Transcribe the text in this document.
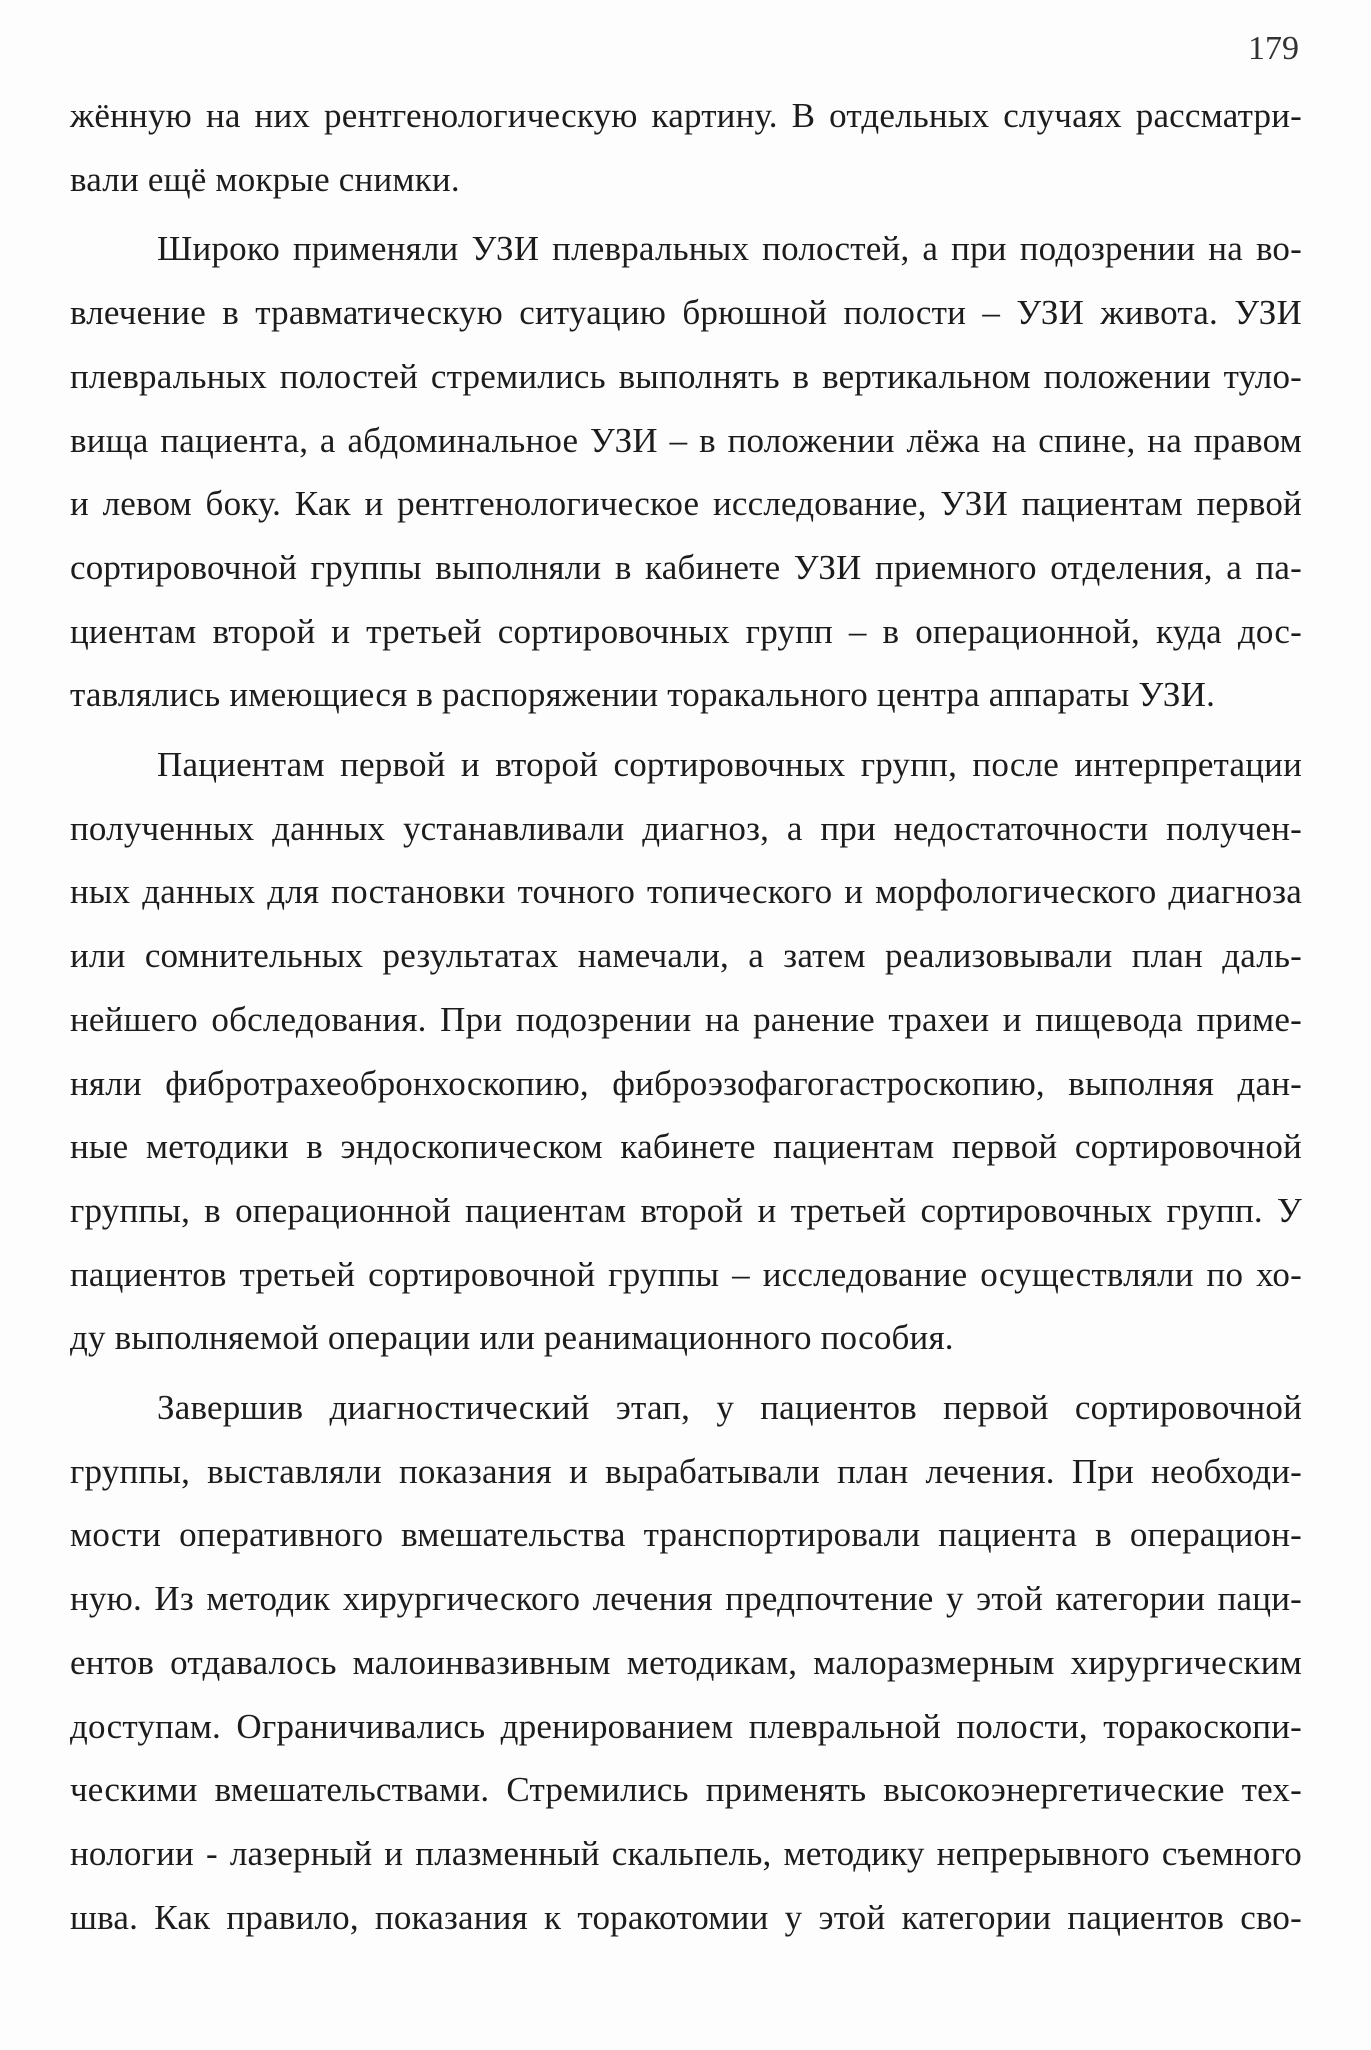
179
жённую на них рентгенологическую картину. В отдельных случаях рассматри-
вали ещё мокрые снимки.
Широко применяли УЗИ плевральных полостей, а при подозрении на во-
влечение в травматическую ситуацию брюшной полости – УЗИ живота. УЗИ
плевральных полостей стремились выполнять в вертикальном положении туло-
вища пациента, а абдоминальное УЗИ – в положении лёжа на спине, на правом
и левом боку. Как и рентгенологическое исследование, УЗИ пациентам первой
сортировочной группы выполняли в кабинете УЗИ приемного отделения, а па-
циентам второй и третьей сортировочных групп – в операционной, куда дос-
тавлялись имеющиеся в распоряжении торакального центра аппараты УЗИ.
Пациентам первой и второй сортировочных групп, после интерпретации
полученных данных устанавливали диагноз, а при недостаточности получен-
ных данных для постановки точного топического и морфологического диагноза
или сомнительных результатах намечали, а затем реализовывали план даль-
нейшего обследования. При подозрении на ранение трахеи и пищевода приме-
няли фибротрахеобронхоскопию, фиброэзофагогастроскопию, выполняя дан-
ные методики в эндоскопическом кабинете пациентам первой сортировочной
группы, в операционной пациентам второй и третьей сортировочных групп. У
пациентов третьей сортировочной группы – исследование осуществляли по хо-
ду выполняемой операции или реанимационного пособия.
Завершив диагностический этап, у пациентов первой сортировочной
группы, выставляли показания и вырабатывали план лечения. При необходи-
мости оперативного вмешательства транспортировали пациента в операцион-
ную. Из методик хирургического лечения предпочтение у этой категории паци-
ентов отдавалось малоинвазивным методикам, малоразмерным хирургическим
доступам. Ограничивались дренированием плевральной полости, торакоскопи-
ческими вмешательствами. Стремились применять высокоэнергетические тех-
нологии - лазерный и плазменный скальпель, методику непрерывного съемного
шва. Как правило, показания к торакотомии у этой категории пациентов сво-
